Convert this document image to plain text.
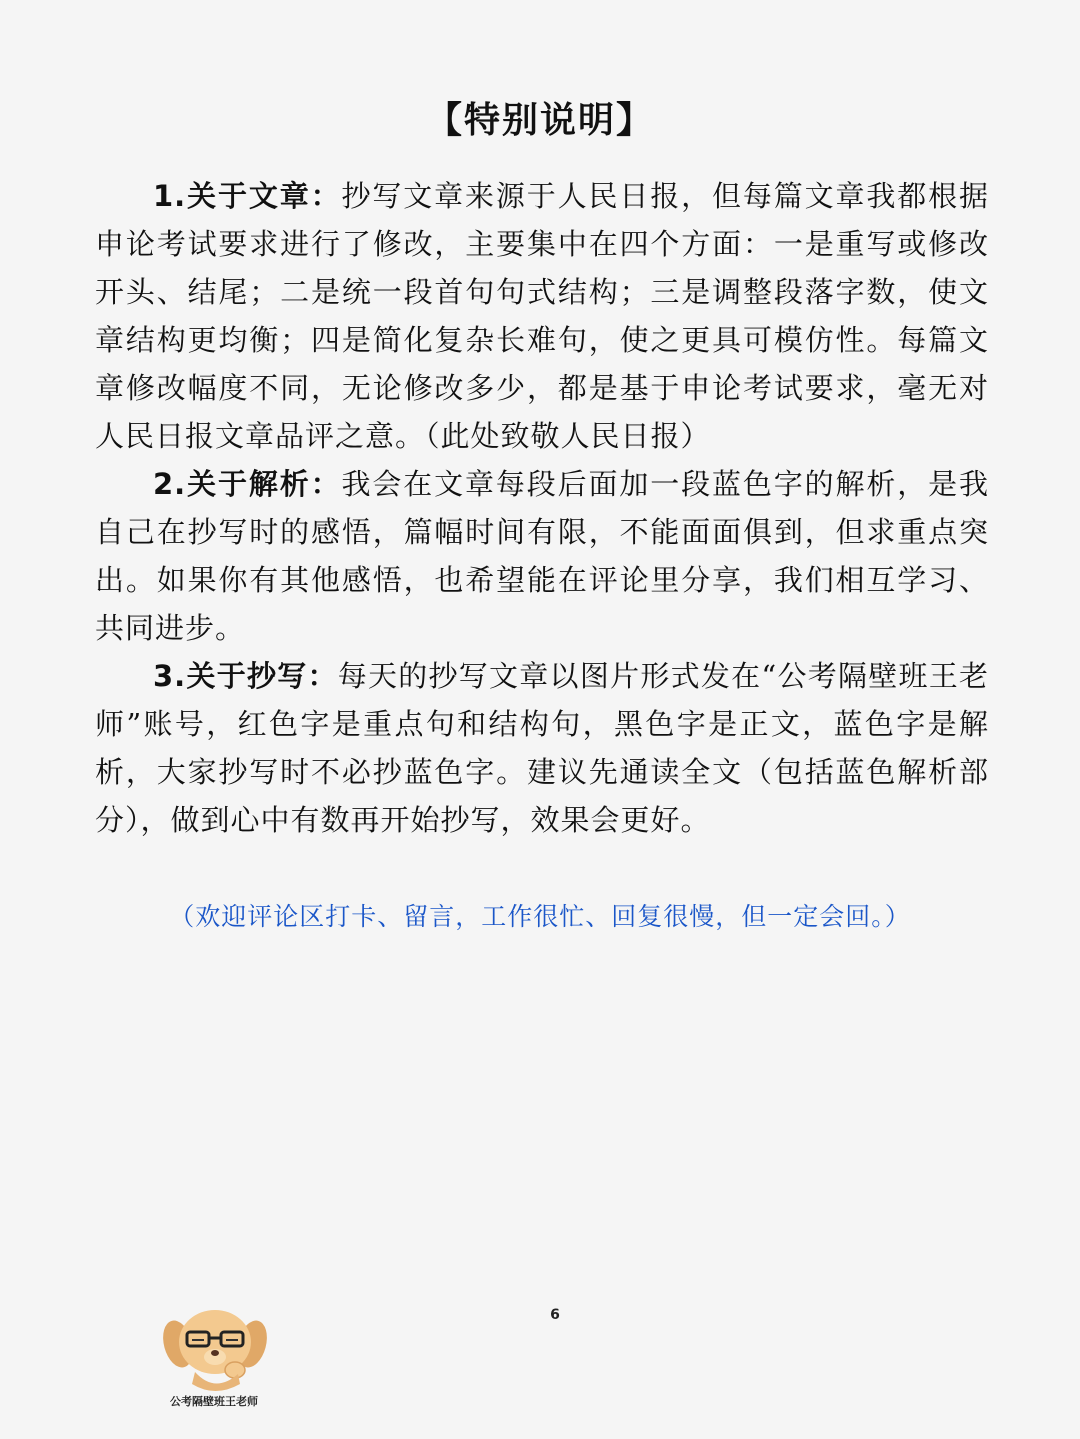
【特别说明】

1.关于文章：抄写文章来源于人民日报，但每篇文章我都根据申论考试要求进行了修改，主要集中在四个方面：一是重写或修改开头、结尾；二是统一段首句句式结构；三是调整段落字数，使文章结构更均衡；四是简化复杂长难句，使之更具可模仿性。每篇文章修改幅度不同，无论修改多少，都是基于申论考试要求，毫无对人民日报文章品评之意。（此处致敬人民日报）

2.关于解析：我会在文章每段后面加一段蓝色字的解析，是我自己在抄写时的感悟，篇幅时间有限，不能面面俱到，但求重点突出。如果你有其他感悟，也希望能在评论里分享，我们相互学习、共同进步。

3.关于抄写：每天的抄写文章以图片形式发在“公考隔壁班王老师”账号，红色字是重点句和结构句，黑色字是正文，蓝色字是解析，大家抄写时不必抄蓝色字。建议先通读全文（包括蓝色解析部分），做到心中有数再开始抄写，效果会更好。

（欢迎评论区打卡、留言，工作很忙、回复很慢，但一定会回。）
6
公考隔壁班王老师
